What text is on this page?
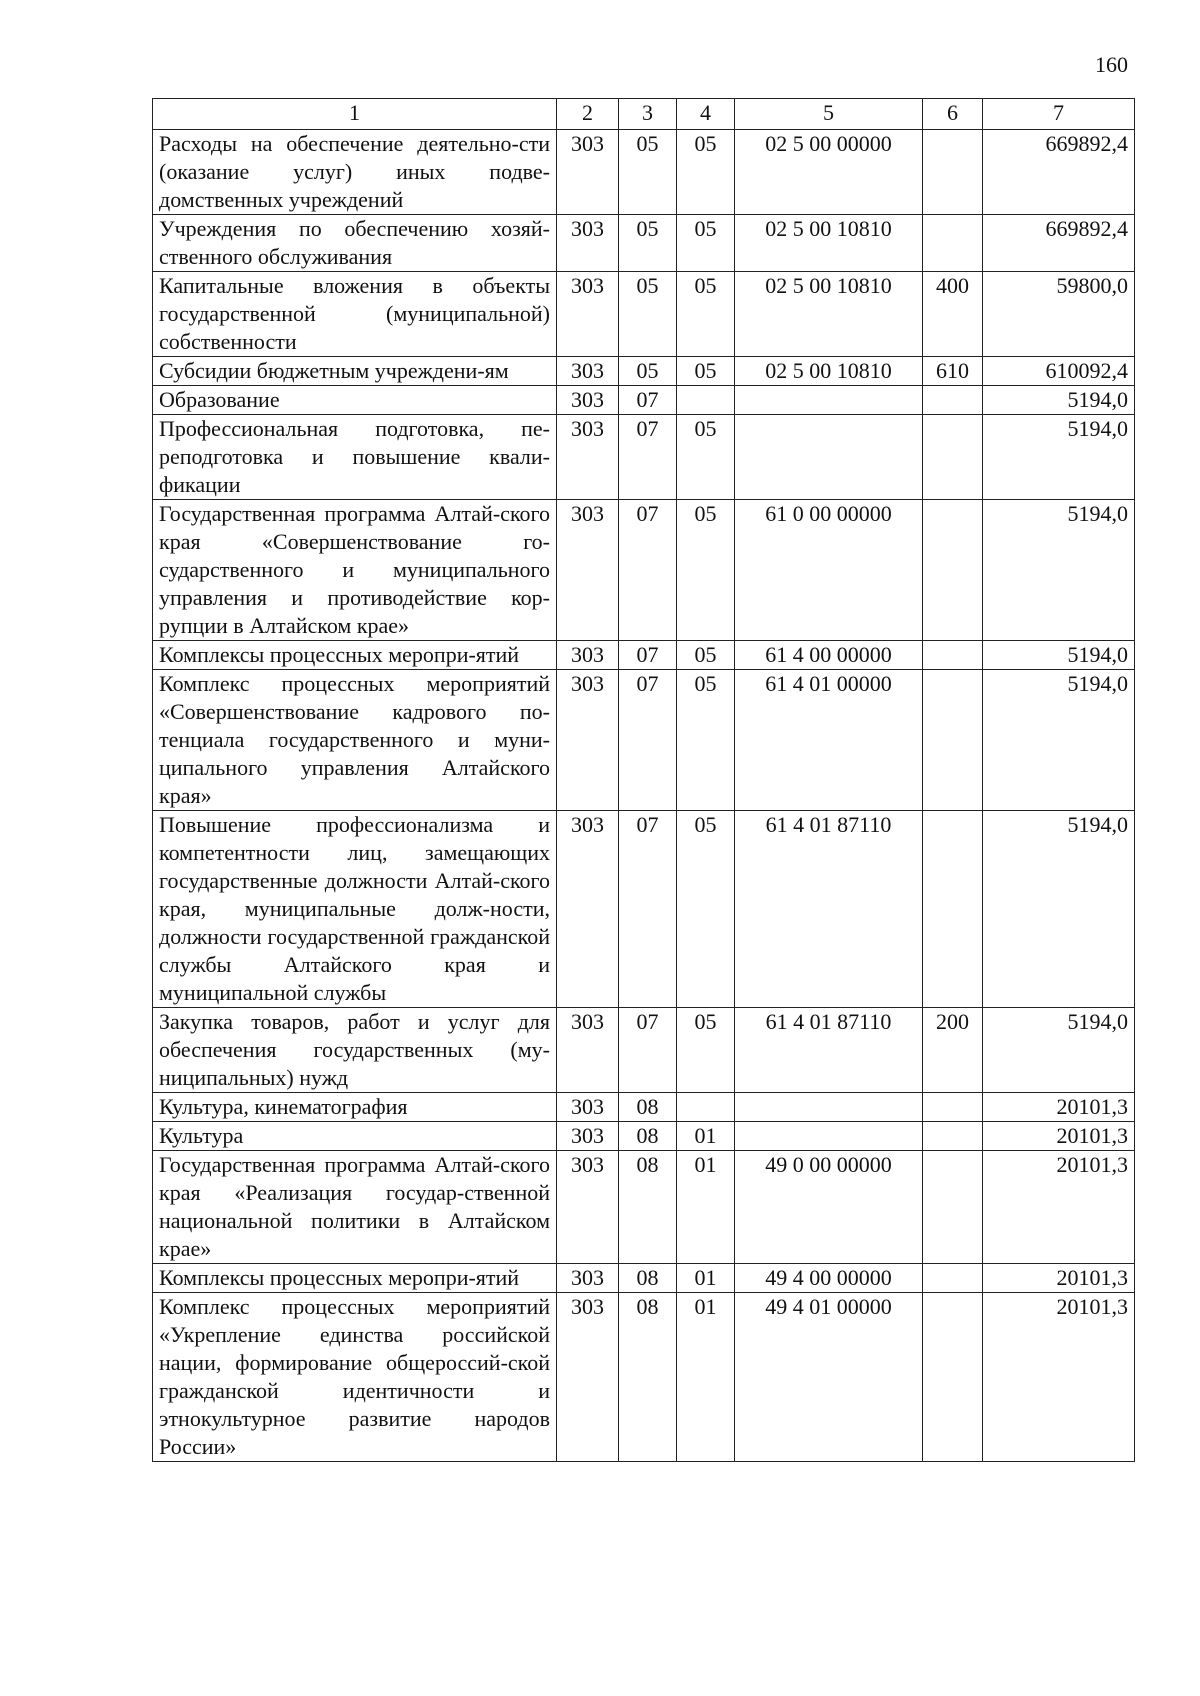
160
1	2	3	4	5	6	7
Расходы на обеспечение деятельно-сти (оказание услуг) иных подве-домственных учреждений	303	05	05	02 5 00 00000		669892,4
Учреждения по обеспечению хозяй-ственного обслуживания	303	05	05	02 5 00 10810		669892,4
Капитальные вложения в объекты государственной (муниципальной) собственности	303	05	05	02 5 00 10810	400	59800,0
Субсидии бюджетным учреждени-ям	303	05	05	02 5 00 10810	610	610092,4
Образование	303	07				5194,0
Профессиональная подготовка, пе-реподготовка и повышение квали-фикации	303	07	05			5194,0
Государственная программа Алтай-ского края «Совершенствование го-сударственного и муниципального управления и противодействие кор-рупции в Алтайском крае»	303	07	05	61 0 00 00000		5194,0
Комплексы процессных меропри-ятий	303	07	05	61 4 00 00000		5194,0
Комплекс процессных мероприятий «Совершенствование кадрового по-тенциала государственного и муни-ципального управления Алтайского края»	303	07	05	61 4 01 00000		5194,0
Повышение профессионализма и компетентности лиц, замещающих государственные должности Алтай-ского края, муниципальные долж-ности, должности государственной гражданской службы Алтайского края и муниципальной службы	303	07	05	61 4 01 87110		5194,0
Закупка товаров, работ и услуг для обеспечения государственных (му-ниципальных) нужд	303	07	05	61 4 01 87110	200	5194,0
Культура, кинематография	303	08				20101,3
Культура	303	08	01			20101,3
Государственная программа Алтай-ского края «Реализация государ-ственной национальной политики в Алтайском крае»	303	08	01	49 0 00 00000		20101,3
Комплексы процессных меропри-ятий	303	08	01	49 4 00 00000		20101,3
Комплекс процессных мероприятий «Укрепление единства российской нации, формирование общероссий-ской гражданской идентичности и этнокультурное развитие народов России»	303	08	01	49 4 01 00000		20101,3
